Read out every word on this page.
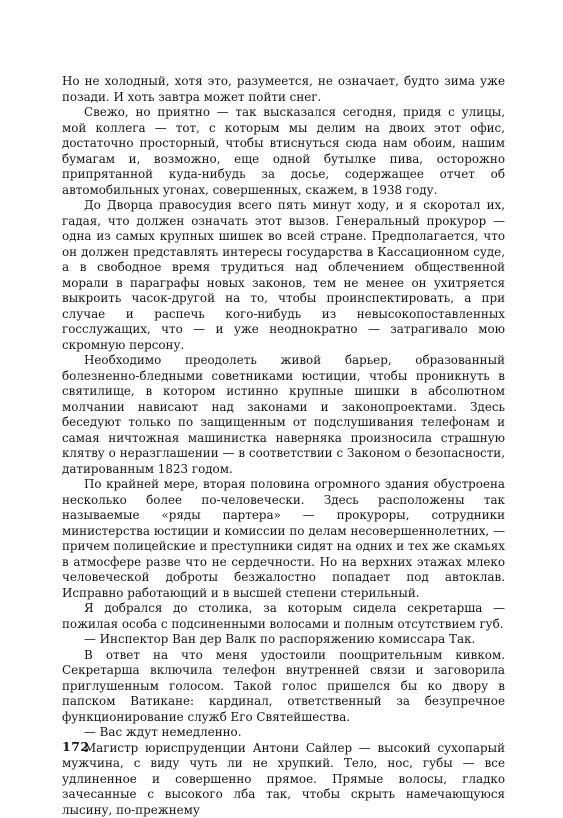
Но не холодный, хотя это, разумеется, не означает, будто зима уже позади. И хоть завтра может пойти снег.

Свежо, но приятно — так высказался сегодня, придя с улицы, мой коллега — тот, с которым мы делим на двоих этот офис, достаточно просторный, чтобы втиснуться сюда нам обоим, нашим бумагам и, возможно, еще одной бутылке пива, осторожно припрятанной куда-нибудь за досье, содержащее отчет об автомобильных угонах, совершенных, скажем, в 1938 году.

До Дворца правосудия всего пять минут ходу, и я скоротал их, гадая, что должен означать этот вызов. Генеральный прокурор — одна из самых крупных шишек во всей стране. Предполагается, что он должен представлять интересы государства в Кассационном суде, а в свободное время трудиться над облечением общественной морали в параграфы новых законов, тем не менее он ухитряется выкроить часок-другой на то, чтобы проинспектировать, а при случае и распечь кого-нибудь из невысокопоставленных госслужащих, что — и уже неоднократно — затрагивало мою скромную персону.

Необходимо преодолеть живой барьер, образованный болезненно-бледными советниками юстиции, чтобы проникнуть в святилище, в котором истинно крупные шишки в абсолютном молчании нависают над законами и законопроектами. Здесь беседуют только по защищенным от подслушивания телефонам и самая ничтожная машинистка наверняка произносила страшную клятву о неразглашении — в соответствии с Законом о безопасности, датированным 1823 годом.

По крайней мере, вторая половина огромного здания обустроена несколько более по-человечески. Здесь расположены так называемые «ряды партера» — прокуроры, сотрудники министерства юстиции и комиссии по делам несовершеннолетних, — причем полицейские и преступники сидят на одних и тех же скамьях в атмосфере разве что не сердечности. Но на верхних этажах млеко человеческой доброты безжалостно попадает под автоклав. Исправно работающий и в высшей степени стерильный.

Я добрался до столика, за которым сидела секретарша — пожилая особа с подсиненными волосами и полным отсутствием губ.

— Инспектор Ван дер Валк по распоряжению комиссара Так.

В ответ на что меня удостоили поощрительным кивком. Секретарша включила телефон внутренней связи и заговорила приглушенным голосом. Такой голос пришелся бы ко двору в папском Ватикане: кардинал, ответственный за безупречное функционирование служб Его Святейшества.

— Вас ждут немедленно.

Магистр юриспруденции Антони Сайлер — высокий сухопарый мужчина, с виду чуть ли не хрупкий. Тело, нос, губы — все удлиненное и совершенно прямое. Прямые волосы, гладко зачесанные с высокого лба так, чтобы скрыть намечающуюся лысину, по-прежнему

172
